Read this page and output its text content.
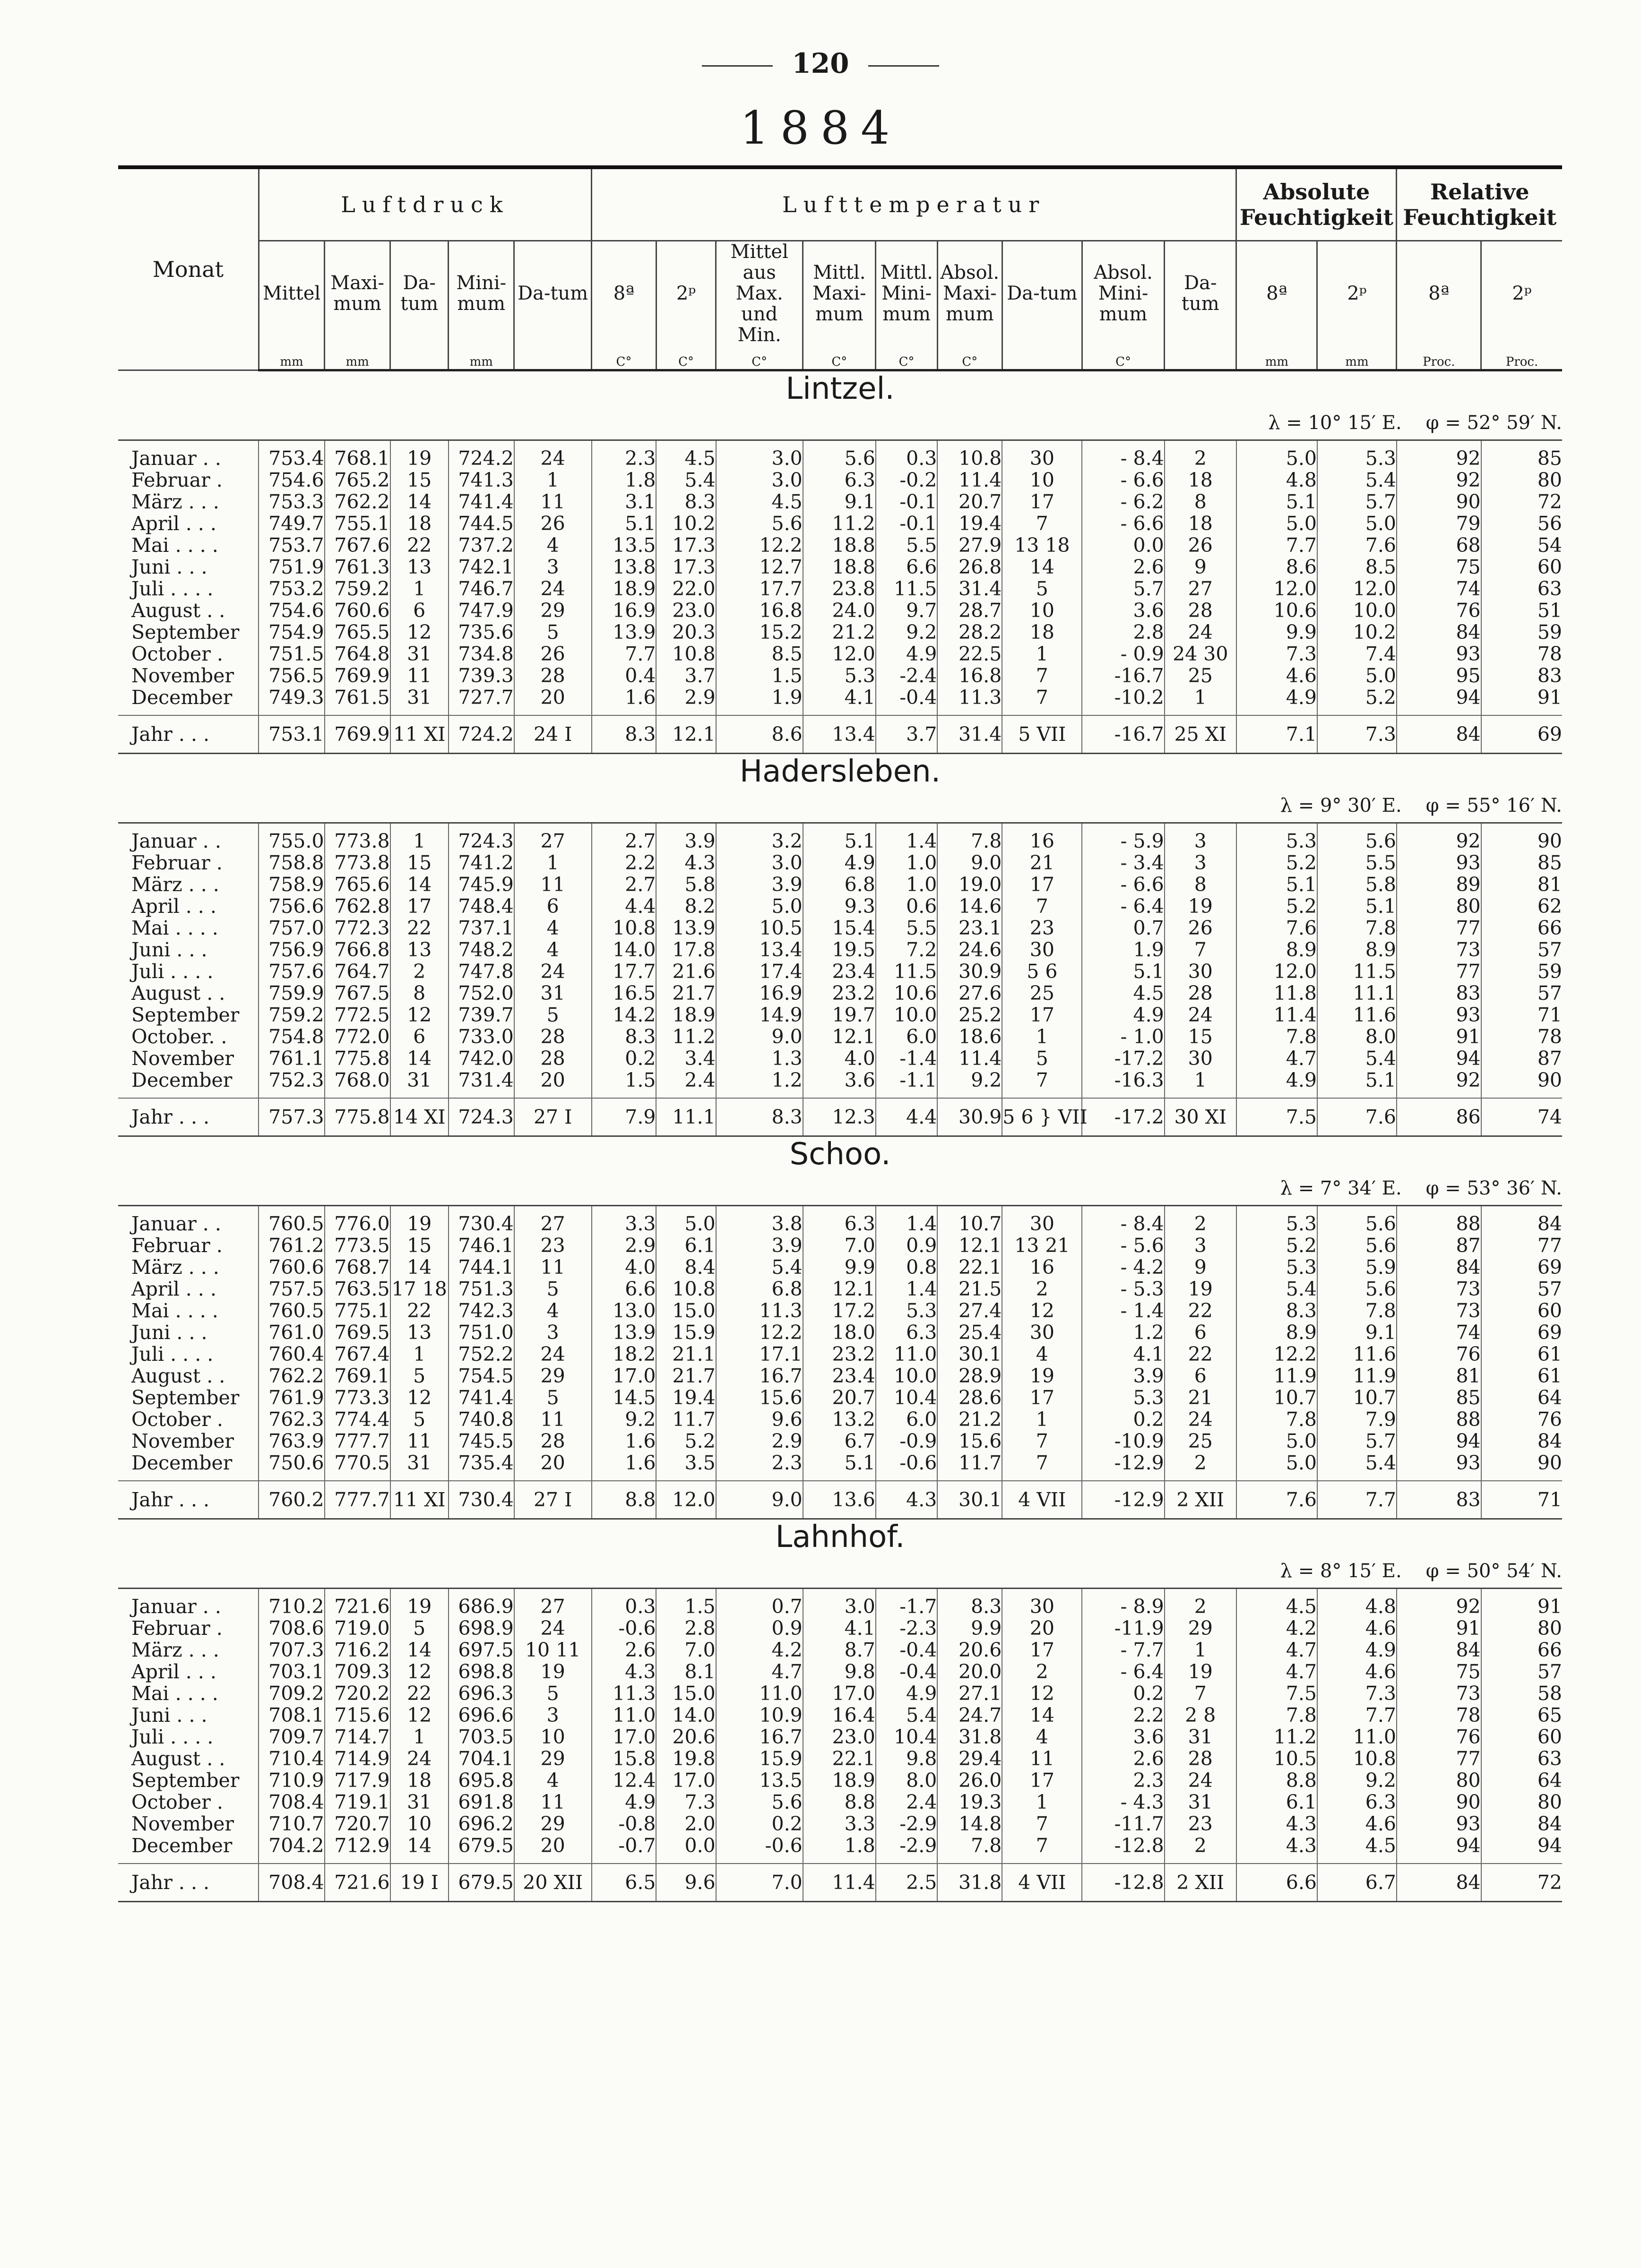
120
1884
Monat	Luftdruck					Lufttemperatur									Absolute Feuchtigkeit		Relative Feuchtigkeit	
	Mittel	Maxi-mum	Da-tum	Mini-mum	Da-tum	8ª	2ᵖ	Mittel aus Max. und Min.	Mittl. Maxi-mum	Mittl. Mini-mum	Absol. Maxi-mum	Da-tum	Absol. Mini-mum	Da-tum	8ª	2ᵖ	8ª	2ᵖ
	mm	mm		mm		C°	C°	C°	C°	C°	C°		C°		mm	mm	Proc.	Proc.
Lintzel.																		
λ = 10° 15′ E. φ = 52° 59′ N.																		

Januar . .	753.4	768.1	19	724.2	24	2.3	4.5	3.0	5.6	0.3	10.8	30	- 8.4	2	5.0	5.3	92	85
Februar .	754.6	765.2	15	741.3	1	1.8	5.4	3.0	6.3	-0.2	11.4	10	- 6.6	18	4.8	5.4	92	80
März . . .	753.3	762.2	14	741.4	11	3.1	8.3	4.5	9.1	-0.1	20.7	17	- 6.2	8	5.1	5.7	90	72
April . . .	749.7	755.1	18	744.5	26	5.1	10.2	5.6	11.2	-0.1	19.4	7	- 6.6	18	5.0	5.0	79	56
Mai . . . .	753.7	767.6	22	737.2	4	13.5	17.3	12.2	18.8	5.5	27.9	13 18	0.0	26	7.7	7.6	68	54
Juni . . .	751.9	761.3	13	742.1	3	13.8	17.3	12.7	18.8	6.6	26.8	14	2.6	9	8.6	8.5	75	60
Juli . . . .	753.2	759.2	1	746.7	24	18.9	22.0	17.7	23.8	11.5	31.4	5	5.7	27	12.0	12.0	74	63
August . .	754.6	760.6	6	747.9	29	16.9	23.0	16.8	24.0	9.7	28.7	10	3.6	28	10.6	10.0	76	51
September	754.9	765.5	12	735.6	5	13.9	20.3	15.2	21.2	9.2	28.2	18	2.8	24	9.9	10.2	84	59
October .	751.5	764.8	31	734.8	26	7.7	10.8	8.5	12.0	4.9	22.5	1	- 0.9	24 30	7.3	7.4	93	78
November	756.5	769.9	11	739.3	28	0.4	3.7	1.5	5.3	-2.4	16.8	7	-16.7	25	4.6	5.0	95	83
December	749.3	761.5	31	727.7	20	1.6	2.9	1.9	4.1	-0.4	11.3	7	-10.2	1	4.9	5.2	94	91

Jahr . . .	753.1	769.9	11 XI	724.2	24 I	8.3	12.1	8.6	13.4	3.7	31.4	5 VII	-16.7	25 XI	7.1	7.3	84	69
Hadersleben.																		
λ = 9° 30′ E. φ = 55° 16′ N.																		

Januar . .	755.0	773.8	1	724.3	27	2.7	3.9	3.2	5.1	1.4	7.8	16	- 5.9	3	5.3	5.6	92	90
Februar .	758.8	773.8	15	741.2	1	2.2	4.3	3.0	4.9	1.0	9.0	21	- 3.4	3	5.2	5.5	93	85
März . . .	758.9	765.6	14	745.9	11	2.7	5.8	3.9	6.8	1.0	19.0	17	- 6.6	8	5.1	5.8	89	81
April . . .	756.6	762.8	17	748.4	6	4.4	8.2	5.0	9.3	0.6	14.6	7	- 6.4	19	5.2	5.1	80	62
Mai . . . .	757.0	772.3	22	737.1	4	10.8	13.9	10.5	15.4	5.5	23.1	23	0.7	26	7.6	7.8	77	66
Juni . . .	756.9	766.8	13	748.2	4	14.0	17.8	13.4	19.5	7.2	24.6	30	1.9	7	8.9	8.9	73	57
Juli . . . .	757.6	764.7	2	747.8	24	17.7	21.6	17.4	23.4	11.5	30.9	5 6	5.1	30	12.0	11.5	77	59
August . .	759.9	767.5	8	752.0	31	16.5	21.7	16.9	23.2	10.6	27.6	25	4.5	28	11.8	11.1	83	57
September	759.2	772.5	12	739.7	5	14.2	18.9	14.9	19.7	10.0	25.2	17	4.9	24	11.4	11.6	93	71
October. .	754.8	772.0	6	733.0	28	8.3	11.2	9.0	12.1	6.0	18.6	1	- 1.0	15	7.8	8.0	91	78
November	761.1	775.8	14	742.0	28	0.2	3.4	1.3	4.0	-1.4	11.4	5	-17.2	30	4.7	5.4	94	87
December	752.3	768.0	31	731.4	20	1.5	2.4	1.2	3.6	-1.1	9.2	7	-16.3	1	4.9	5.1	92	90

Jahr . . .	757.3	775.8	14 XI	724.3	27 I	7.9	11.1	8.3	12.3	4.4	30.9	5 6 } VII	-17.2	30 XI	7.5	7.6	86	74
Schoo.																		
λ = 7° 34′ E. φ = 53° 36′ N.																		

Januar . .	760.5	776.0	19	730.4	27	3.3	5.0	3.8	6.3	1.4	10.7	30	- 8.4	2	5.3	5.6	88	84
Februar .	761.2	773.5	15	746.1	23	2.9	6.1	3.9	7.0	0.9	12.1	13 21	- 5.6	3	5.2	5.6	87	77
März . . .	760.6	768.7	14	744.1	11	4.0	8.4	5.4	9.9	0.8	22.1	16	- 4.2	9	5.3	5.9	84	69
April . . .	757.5	763.5	17 18	751.3	5	6.6	10.8	6.8	12.1	1.4	21.5	2	- 5.3	19	5.4	5.6	73	57
Mai . . . .	760.5	775.1	22	742.3	4	13.0	15.0	11.3	17.2	5.3	27.4	12	- 1.4	22	8.3	7.8	73	60
Juni . . .	761.0	769.5	13	751.0	3	13.9	15.9	12.2	18.0	6.3	25.4	30	1.2	6	8.9	9.1	74	69
Juli . . . .	760.4	767.4	1	752.2	24	18.2	21.1	17.1	23.2	11.0	30.1	4	4.1	22	12.2	11.6	76	61
August . .	762.2	769.1	5	754.5	29	17.0	21.7	16.7	23.4	10.0	28.9	19	3.9	6	11.9	11.9	81	61
September	761.9	773.3	12	741.4	5	14.5	19.4	15.6	20.7	10.4	28.6	17	5.3	21	10.7	10.7	85	64
October .	762.3	774.4	5	740.8	11	9.2	11.7	9.6	13.2	6.0	21.2	1	0.2	24	7.8	7.9	88	76
November	763.9	777.7	11	745.5	28	1.6	5.2	2.9	6.7	-0.9	15.6	7	-10.9	25	5.0	5.7	94	84
December	750.6	770.5	31	735.4	20	1.6	3.5	2.3	5.1	-0.6	11.7	7	-12.9	2	5.0	5.4	93	90

Jahr . . .	760.2	777.7	11 XI	730.4	27 I	8.8	12.0	9.0	13.6	4.3	30.1	4 VII	-12.9	2 XII	7.6	7.7	83	71
Lahnhof.																		
λ = 8° 15′ E. φ = 50° 54′ N.																		

Januar . .	710.2	721.6	19	686.9	27	0.3	1.5	0.7	3.0	-1.7	8.3	30	- 8.9	2	4.5	4.8	92	91
Februar .	708.6	719.0	5	698.9	24	-0.6	2.8	0.9	4.1	-2.3	9.9	20	-11.9	29	4.2	4.6	91	80
März . . .	707.3	716.2	14	697.5	10 11	2.6	7.0	4.2	8.7	-0.4	20.6	17	- 7.7	1	4.7	4.9	84	66
April . . .	703.1	709.3	12	698.8	19	4.3	8.1	4.7	9.8	-0.4	20.0	2	- 6.4	19	4.7	4.6	75	57
Mai . . . .	709.2	720.2	22	696.3	5	11.3	15.0	11.0	17.0	4.9	27.1	12	0.2	7	7.5	7.3	73	58
Juni . . .	708.1	715.6	12	696.6	3	11.0	14.0	10.9	16.4	5.4	24.7	14	2.2	2 8	7.8	7.7	78	65
Juli . . . .	709.7	714.7	1	703.5	10	17.0	20.6	16.7	23.0	10.4	31.8	4	3.6	31	11.2	11.0	76	60
August . .	710.4	714.9	24	704.1	29	15.8	19.8	15.9	22.1	9.8	29.4	11	2.6	28	10.5	10.8	77	63
September	710.9	717.9	18	695.8	4	12.4	17.0	13.5	18.9	8.0	26.0	17	2.3	24	8.8	9.2	80	64
October .	708.4	719.1	31	691.8	11	4.9	7.3	5.6	8.8	2.4	19.3	1	- 4.3	31	6.1	6.3	90	80
November	710.7	720.7	10	696.2	29	-0.8	2.0	0.2	3.3	-2.9	14.8	7	-11.7	23	4.3	4.6	93	84
December	704.2	712.9	14	679.5	20	-0.7	0.0	-0.6	1.8	-2.9	7.8	7	-12.8	2	4.3	4.5	94	94

Jahr . . .	708.4	721.6	19 I	679.5	20 XII	6.5	9.6	7.0	11.4	2.5	31.8	4 VII	-12.8	2 XII	6.6	6.7	84	72
